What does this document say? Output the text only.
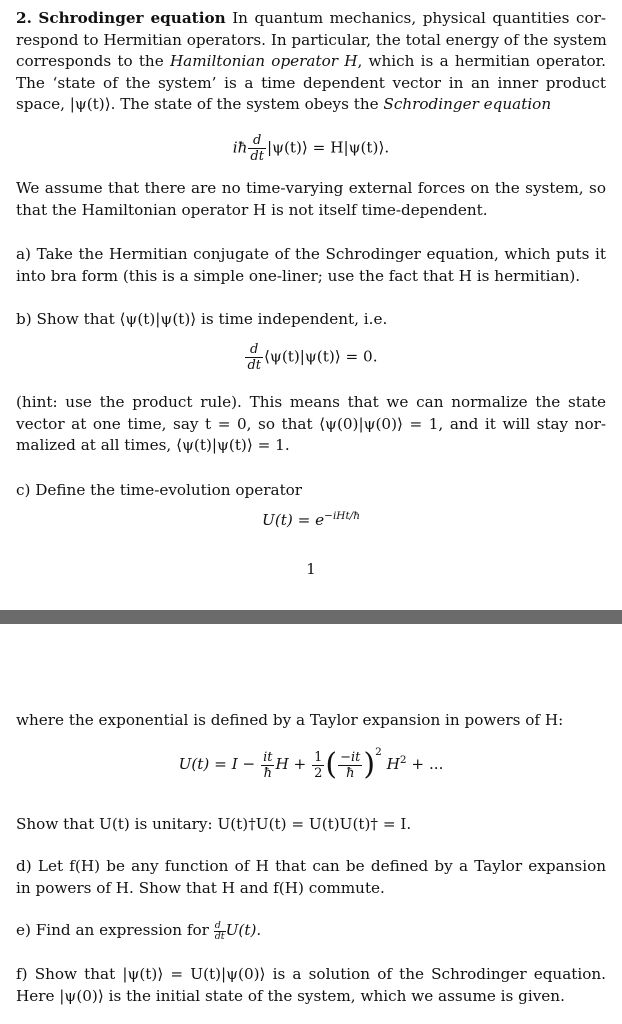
2. Schrodinger equation In quantum mechanics, physical quantities cor-
respond to Hermitian operators. In particular, the total energy of the system
corresponds to the Hamiltonian operator H, which is a hermitian operator.
The ‘state of the system’ is a time dependent vector in an inner product
space, |ψ(t)⟩. The state of the system obeys the Schrodinger equation
iħ $\frac{d}{dt}$ |ψ(t)⟩ = H|ψ(t)⟩.
We assume that there are no time-varying external forces on the system, so
that the Hamiltonian operator H is not itself time-dependent.
a) Take the Hermitian conjugate of the Schrodinger equation, which puts it
into bra form (this is a simple one-liner; use the fact that H is hermitian).
b) Show that ⟨ψ(t)|ψ(t)⟩ is time independent, i.e.
$\frac{d}{dt}$ ⟨ψ(t)|ψ(t)⟩ = 0.
(hint: use the product rule). This means that we can normalize the state
vector at one time, say t = 0, so that ⟨ψ(0)|ψ(0)⟩ = 1, and it will stay nor-
malized at all times, ⟨ψ(t)|ψ(t)⟩ = 1.
c) Define the time-evolution operator
$U(t) = e^{-iHt/ħ}$
1
where the exponential is defined by a Taylor expansion in powers of H:
$U(t) = I - \frac{it}{ħ}$ $H + \frac{1}{2}$ ( $\frac{-it}{ħ} )^2$ $H^2$ + ...
Show that U(t) is unitary: U(t)†U(t) = U(t)U(t)† = I.
d) Let f(H) be any function of H that can be defined by a Taylor expansion
in powers of H. Show that H and f(H) commute.
e) Find an expression for $\frac{d}{dt} U(t)$.
f) Show that |ψ(t)⟩ = U(t)|ψ(0)⟩ is a solution of the Schrodinger equation.
Here |ψ(0)⟩ is the initial state of the system, which we assume is given.
